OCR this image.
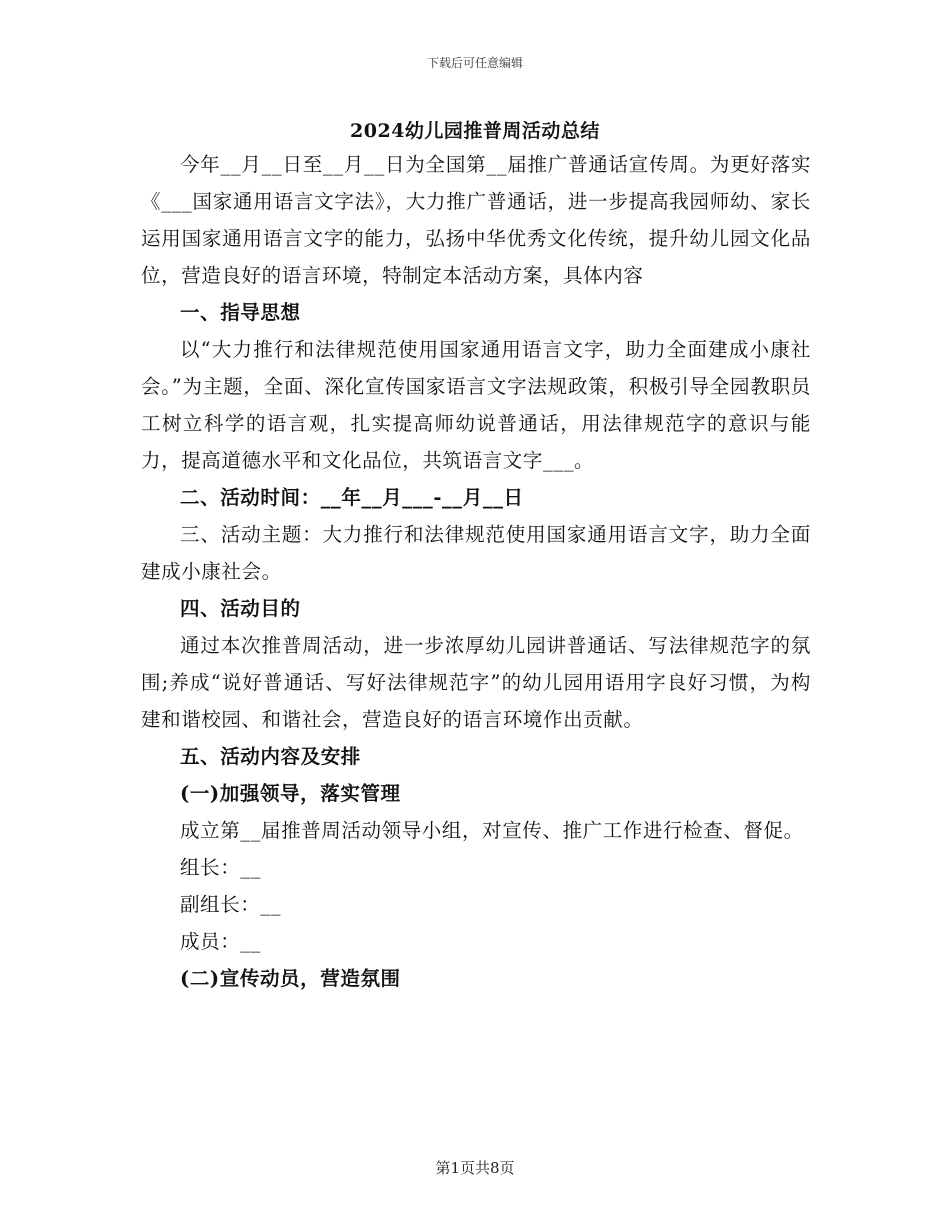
下载后可任意编辑
2024幼儿园推普周活动总结

今年__月__日至__月__日为全国第__届推广普通话宣传周。为更好落实《___国家通用语言文字法》，大力推广普通话，进一步提高我园师幼、家长运用国家通用语言文字的能力，弘扬中华优秀文化传统，提升幼儿园文化品位，营造良好的语言环境，特制定本活动方案，具体内容

一、指导思想

以“大力推行和法律规范使用国家通用语言文字，助力全面建成小康社会。”为主题，全面、深化宣传国家语言文字法规政策，积极引导全园教职员工树立科学的语言观，扎实提高师幼说普通话，用法律规范字的意识与能力，提高道德水平和文化品位，共筑语言文字___。

二、活动时间：__年__月___-__月__日

三、活动主题：大力推行和法律规范使用国家通用语言文字，助力全面建成小康社会。

四、活动目的

通过本次推普周活动，进一步浓厚幼儿园讲普通话、写法律规范字的氛围;养成“说好普通话、写好法律规范字”的幼儿园用语用字良好习惯，为构建和谐校园、和谐社会，营造良好的语言环境作出贡献。

五、活动内容及安排

(一)加强领导，落实管理

成立第__届推普周活动领导小组，对宣传、推广工作进行检查、督促。

组长：__

副组长：__

成员：__

(二)宣传动员，营造氛围

第1页共8页
